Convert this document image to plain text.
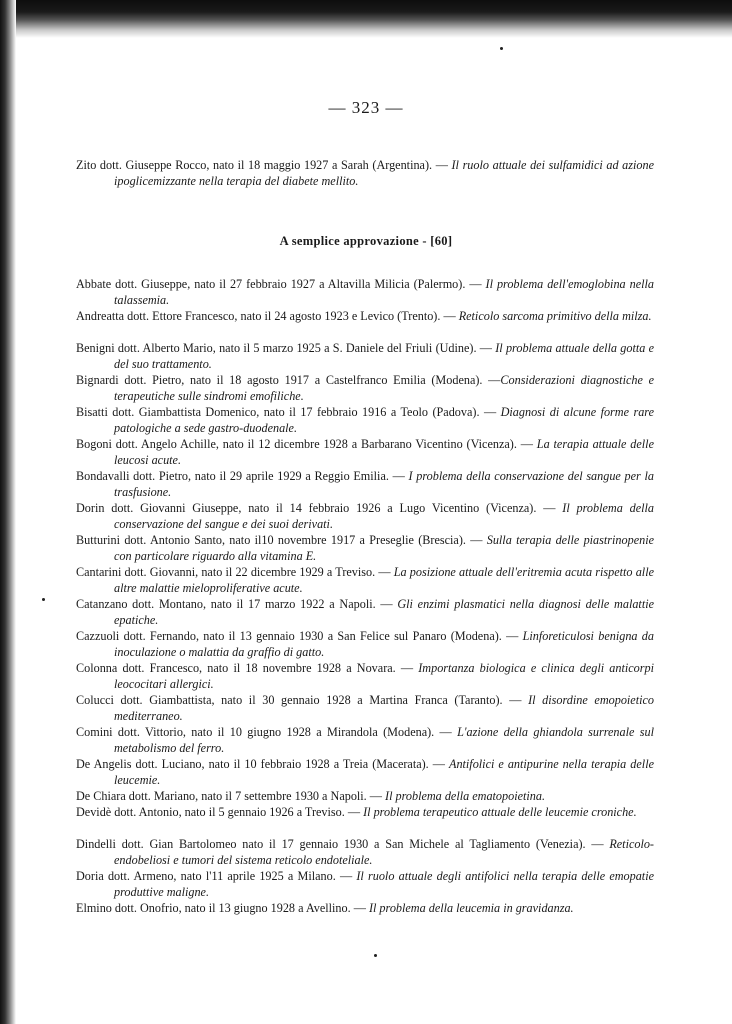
— 323 —
Zito dott. Giuseppe Rocco, nato il 18 maggio 1927 a Sarah (Argentina). — Il ruolo attuale dei sulfamidici ad azione ipoglicemizzante nella terapia del diabete mellito.
A semplice approvazione - [60]
Abbate dott. Giuseppe, nato il 27 febbraio 1927 a Altavilla Milicia (Palermo). — Il problema dell'emoglobina nella talassemia.
Andreatta dott. Ettore Francesco, nato il 24 agosto 1923 e Levico (Trento). — Reticolo sarcoma primitivo della milza.
Benigni dott. Alberto Mario, nato il 5 marzo 1925 a S. Daniele del Friuli (Udine). — Il problema attuale della gotta e del suo trattamento.
Bignardi dott. Pietro, nato il 18 agosto 1917 a Castelfranco Emilia (Modena). —Considerazioni diagnostiche e terapeutiche sulle sindromi emofiliche.
Bisatti dott. Giambattista Domenico, nato il 17 febbraio 1916 a Teolo (Padova). — Diagnosi di alcune forme rare patologiche a sede gastro-duodenale.
Bogoni dott. Angelo Achille, nato il 12 dicembre 1928 a Barbarano Vicentino (Vicenza). — La terapia attuale delle leucosi acute.
Bondavalli dott. Pietro, nato il 29 aprile 1929 a Reggio Emilia. — I problema della conservazione del sangue per la trasfusione.
Dorin dott. Giovanni Giuseppe, nato il 14 febbraio 1926 a Lugo Vicentino (Vicenza). — Il problema della conservazione del sangue e dei suoi derivati.
Butturini dott. Antonio Santo, nato il10 novembre 1917 a Preseglie (Brescia). — Sulla terapia delle piastrinopenie con particolare riguardo alla vitamina E.
Cantarini dott. Giovanni, nato il 22 dicembre 1929 a Treviso. — La posizione attuale dell'eritremia acuta rispetto alle altre malattie mieloproliferative acute.
Catanzano dott. Montano, nato il 17 marzo 1922 a Napoli. — Gli enzimi plasmatici nella diagnosi delle malattie epatiche.
Cazzuoli dott. Fernando, nato il 13 gennaio 1930 a San Felice sul Panaro (Modena). — Linforeticulosi benigna da inoculazione o malattia da graffio di gatto.
Colonna dott. Francesco, nato il 18 novembre 1928 a Novara. — Importanza biologica e clinica degli anticorpi leococitari allergici.
Colucci dott. Giambattista, nato il 30 gennaio 1928 a Martina Franca (Taranto). — Il disordine emopoietico mediterraneo.
Comini dott. Vittorio, nato il 10 giugno 1928 a Mirandola (Modena). — L'azione della ghiandola surrenale sul metabolismo del ferro.
De Angelis dott. Luciano, nato il 10 febbraio 1928 a Treia (Macerata). — Antifolici e antipurine nella terapia delle leucemie.
De Chiara dott. Mariano, nato il 7 settembre 1930 a Napoli. — Il problema della ematopoietina.
Devidè dott. Antonio, nato il 5 gennaio 1926 a Treviso. — Il problema terapeutico attuale delle leucemie croniche.
Dindelli dott. Gian Bartolomeo nato il 17 gennaio 1930 a San Michele al Tagliamento (Venezia). — Reticolo-endobeliosi e tumori del sistema reticolo endoteliale.
Doria dott. Armeno, nato l'11 aprile 1925 a Milano. — Il ruolo attuale degli antifolici nella terapia delle emopatie produttive maligne.
Elmino dott. Onofrio, nato il 13 giugno 1928 a Avellino. — Il problema della leucemia in gravidanza.
